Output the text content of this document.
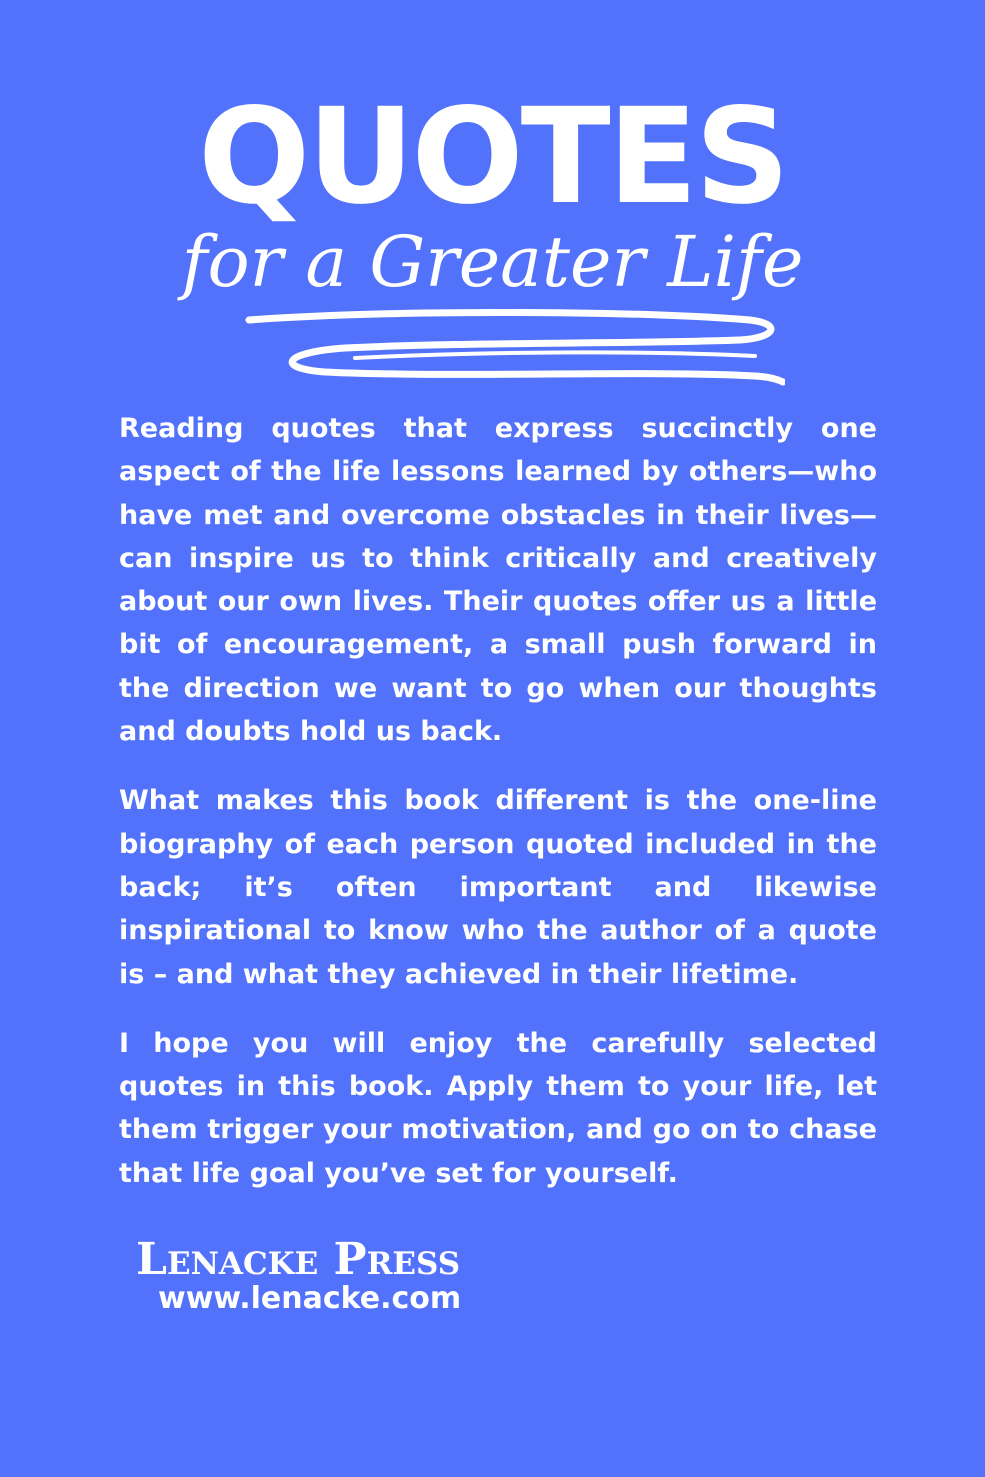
QUOTES
for a Greater Life

Reading quotes that express succinctly one aspect of the life lessons learned by others—who have met and overcome obstacles in their lives—can inspire us to think critically and creatively about our own lives. Their quotes offer us a little bit of encouragement, a small push forward in the direction we want to go when our thoughts and doubts hold us back.

What makes this book different is the one-line biography of each person quoted included in the back; it’s often important and likewise inspirational to know who the author of a quote is – and what they achieved in their lifetime.

I hope you will enjoy the carefully selected quotes in this book. Apply them to your life, let them trigger your motivation, and go on to chase that life goal you’ve set for yourself.

Lenacke Press
www.lenacke.com
